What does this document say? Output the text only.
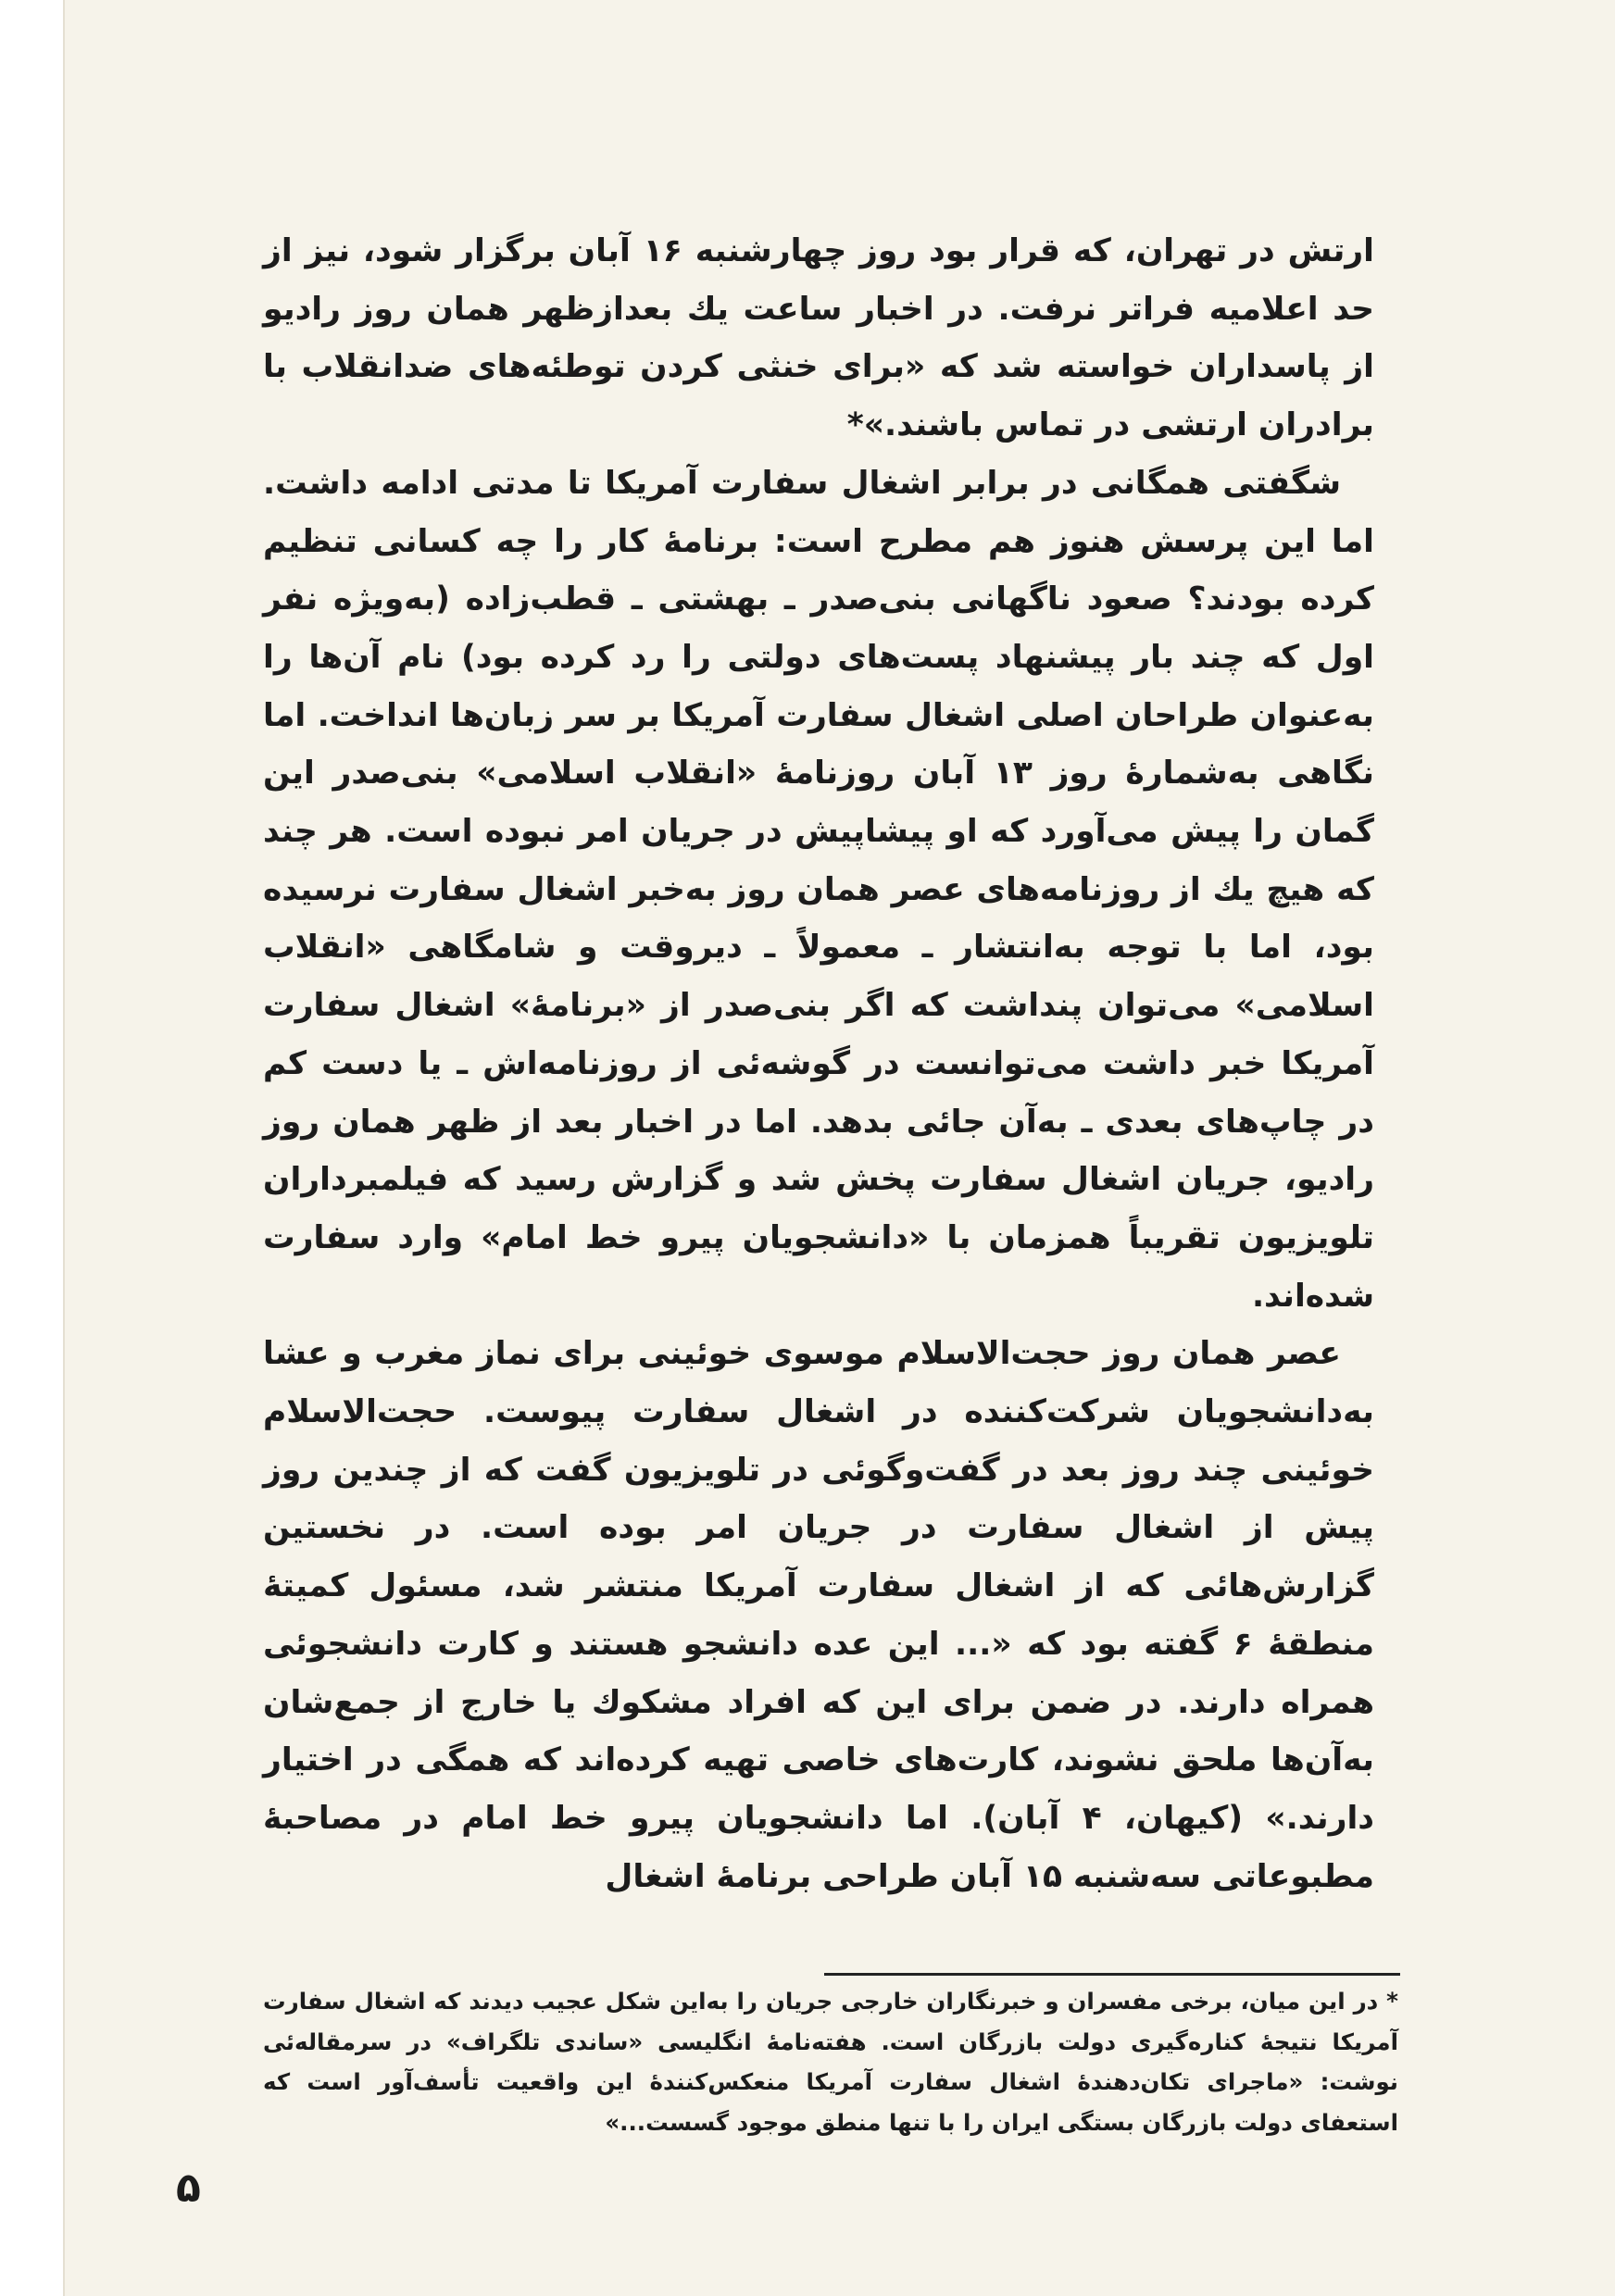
ارتش در تهران، که قرار بود روز چهارشنبه ۱۶ آبان برگزار شود، نیز از حد اعلامیه فراتر نرفت. در اخبار ساعت یك بعدازظهر همان روز رادیو از پاسداران خواسته شد که «برای خنثی کردن توطئه‌های ضدانقلاب با برادران ارتشی در تماس باشند.»*

شگفتی همگانی در برابر اشغال سفارت آمریکا تا مدتی ادامه داشت. اما این پرسش هنوز هم مطرح است: برنامهٔ کار را چه کسانی تنظیم کرده بودند؟ صعود ناگهانی بنی‌صدر ـ بهشتی ـ قطب‌زاده (به‌ویژه نفر اول که چند بار پیشنهاد پست‌های دولتی را رد کرده بود) نام آن‌ها را به‌عنوان طراحان اصلی اشغال سفارت آمریکا بر سر زبان‌ها انداخت. اما نگاهی به‌شمارهٔ روز ۱۳ آبان روزنامهٔ «انقلاب اسلامی» بنی‌صدر این گمان را پیش می‌آورد که او پیشاپیش در جریان امر نبوده است. هر چند که هیچ یك از روزنامه‌های عصر همان روز به‌خبر اشغال سفارت نرسیده بود، اما با توجه به‌انتشار ـ معمولاً ـ دیروقت و شامگاهی «انقلاب اسلامی» می‌توان پنداشت که اگر بنی‌صدر از «برنامهٔ» اشغال سفارت آمریکا خبر داشت می‌توانست در گوشه‌ئی از روزنامه‌اش ـ یا دست کم در چاپ‌های بعدی ـ به‌آن جائی بدهد. اما در اخبار بعد از ظهر همان روز رادیو، جریان اشغال سفارت پخش شد و گزارش رسید که فیلمبرداران تلویزیون تقریباً همزمان با «دانشجویان پیرو خط امام» وارد سفارت شده‌اند.

عصر همان روز حجت‌الاسلام موسوی خوئینی برای نماز مغرب و عشا به‌دانشجویان شرکت‌کننده در اشغال سفارت پیوست. حجت‌الاسلام خوئینی چند روز بعد در گفت‌وگوئی در تلویزیون گفت که از چندین روز پیش از اشغال سفارت در جریان امر بوده است. در نخستین گزارش‌هائی که از اشغال سفارت آمریکا منتشر شد، مسئول کمیتهٔ منطقهٔ ۶ گفته بود که «... این عده دانشجو هستند و کارت دانشجوئی همراه دارند. در ضمن برای این که افراد مشکوك یا خارج از جمع‌شان به‌آن‌ها ملحق نشوند، کارت‌های خاصی تهیه کرده‌اند که همگی در اختیار دارند.» (کیهان، ۴ آبان). اما دانشجویان پیرو خط امام در مصاحبهٔ مطبوعاتی سه‌شنبه ۱۵ آبان طراحی برنامهٔ اشغال

* در این میان، برخی مفسران و خبرنگاران خارجی جریان را به‌این شکل عجیب دیدند که اشغال سفارت آمریکا نتیجهٔ کناره‌گیری دولت بازرگان است. هفته‌نامهٔ انگلیسی «ساندی تلگراف» در سرمقاله‌ئی نوشت: «ماجرای تکان‌دهندهٔ اشغال سفارت آمریکا منعکس‌کنندهٔ این واقعیت تأسف‌آور است که استعفای دولت بازرگان بستگی ایران را با تنها منطق موجود گسست...»
۵
